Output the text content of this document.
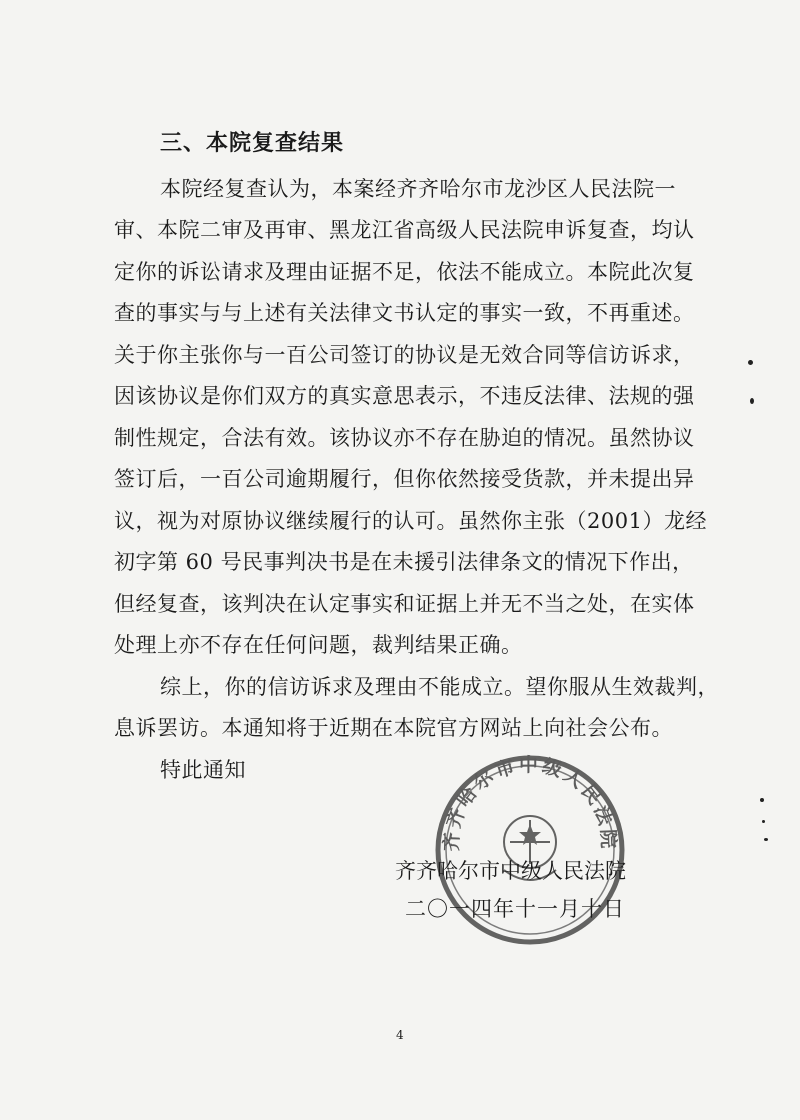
三、本院复查结果
本院经复查认为，本案经齐齐哈尔市龙沙区人民法院一
审、本院二审及再审、黑龙江省高级人民法院申诉复查，均认
定你的诉讼请求及理由证据不足，依法不能成立。本院此次复
查的事实与与上述有关法律文书认定的事实一致，不再重述。
关于你主张你与一百公司签订的协议是无效合同等信访诉求，
因该协议是你们双方的真实意思表示，不违反法律、法规的强
制性规定，合法有效。该协议亦不存在胁迫的情况。虽然协议
签订后，一百公司逾期履行，但你依然接受货款，并未提出异
议，视为对原协议继续履行的认可。虽然你主张（2001）龙经
初字第 60 号民事判决书是在未援引法律条文的情况下作出，
但经复查，该判决在认定事实和证据上并无不当之处，在实体
处理上亦不存在任何问题，裁判结果正确。
综上，你的信访诉求及理由不能成立。望你服从生效裁判，
息诉罢访。本通知将于近期在本院官方网站上向社会公布。
特此通知
齐齐哈尔市中级人民法院
齐齐哈尔市中级人民法院
二〇一四年十一月十日
4
